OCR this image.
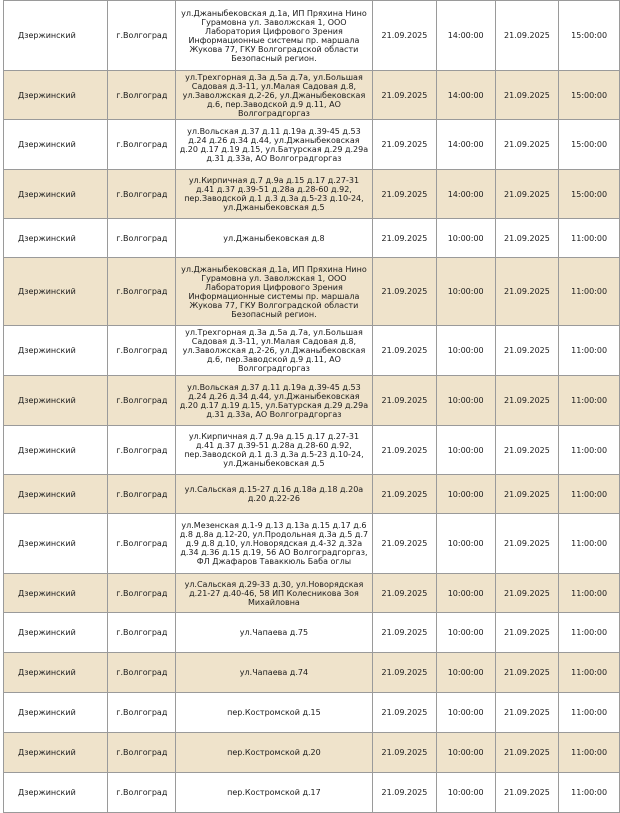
Дзержинский	г.Волгоград	ул.Джаныбековская д.1а, ИП Пряхина Нино Гурамовна ул. Заволжская 1, ООО Лаборатория Цифрового Зрения Информационные системы пр. маршала Жукова 77, ГКУ Волгоградской области Безопасный регион.	21.09.2025	14:00:00	21.09.2025	15:00:00
Дзержинский	г.Волгоград	ул.Трехгорная д.3а д.5а д.7а, ул.Большая Садовая д.3-11, ул.Малая Садовая д.8, ул.Заволжская д.2-26, ул.Джаныбековская д.6, пер.Заводской д.9 д.11, АО Волгоградгоргаз	21.09.2025	14:00:00	21.09.2025	15:00:00
Дзержинский	г.Волгоград	ул.Вольская д.37 д.11 д.19а д.39-45 д.53 д.24 д.26 д.34 д.44, ул.Джаныбековская д.20 д.17 д.19 д.15, ул.Батурская д.29 д.29а д.31 д.33а, АО Волгоградгоргаз	21.09.2025	14:00:00	21.09.2025	15:00:00
Дзержинский	г.Волгоград	ул.Кирпичная д.7 д.9а д.15 д.17 д.27-31 д.41 д.37 д.39-51 д.28а д.28-60 д.92, пер.Заводской д.1 д.3 д.3а д.5-23 д.10-24, ул.Джаныбековская д.5	21.09.2025	14:00:00	21.09.2025	15:00:00
Дзержинский	г.Волгоград	ул.Джаныбековская д.8	21.09.2025	10:00:00	21.09.2025	11:00:00
Дзержинский	г.Волгоград	ул.Джаныбековская д.1а, ИП Пряхина Нино Гурамовна ул. Заволжская 1, ООО Лаборатория Цифрового Зрения Информационные системы пр. маршала Жукова 77, ГКУ Волгоградской области Безопасный регион.	21.09.2025	10:00:00	21.09.2025	11:00:00
Дзержинский	г.Волгоград	ул.Трехгорная д.3а д.5а д.7а, ул.Большая Садовая д.3-11, ул.Малая Садовая д.8, ул.Заволжская д.2-26, ул.Джаныбековская д.6, пер.Заводской д.9 д.11, АО Волгоградгоргаз	21.09.2025	10:00:00	21.09.2025	11:00:00
Дзержинский	г.Волгоград	ул.Вольская д.37 д.11 д.19а д.39-45 д.53 д.24 д.26 д.34 д.44, ул.Джаныбековская д.20 д.17 д.19 д.15, ул.Батурская д.29 д.29а д.31 д.33а, АО Волгоградгоргаз	21.09.2025	10:00:00	21.09.2025	11:00:00
Дзержинский	г.Волгоград	ул.Кирпичная д.7 д.9а д.15 д.17 д.27-31 д.41 д.37 д.39-51 д.28а д.28-60 д.92, пер.Заводской д.1 д.3 д.3а д.5-23 д.10-24, ул.Джаныбековская д.5	21.09.2025	10:00:00	21.09.2025	11:00:00
Дзержинский	г.Волгоград	ул.Сальская д.15-27 д.16 д.18а д.18 д.20а д.20 д.22-26	21.09.2025	10:00:00	21.09.2025	11:00:00
Дзержинский	г.Волгоград	ул.Мезенская д.1-9 д.13 д.13а д.15 д.17 д.6 д.8 д.8а д.12-20, ул.Продольная д.3а д.5 д.7 д.9 д.8 д.10, ул.Новорядская д.4-32 д.32а д.34 д.36 д.15 д.19, 56 АО Волгоградгоргаз, ФЛ Джафаров Таваккюль Баба оглы	21.09.2025	10:00:00	21.09.2025	11:00:00
Дзержинский	г.Волгоград	ул.Сальская д.29-33 д.30, ул.Новорядская д.21-27 д.40-46, 58 ИП Колесникова Зоя Михайловна	21.09.2025	10:00:00	21.09.2025	11:00:00
Дзержинский	г.Волгоград	ул.Чапаева д.75	21.09.2025	10:00:00	21.09.2025	11:00:00
Дзержинский	г.Волгоград	ул.Чапаева д.74	21.09.2025	10:00:00	21.09.2025	11:00:00
Дзержинский	г.Волгоград	пер.Костромской д.15	21.09.2025	10:00:00	21.09.2025	11:00:00
Дзержинский	г.Волгоград	пер.Костромской д.20	21.09.2025	10:00:00	21.09.2025	11:00:00
Дзержинский	г.Волгоград	пер.Костромской д.17	21.09.2025	10:00:00	21.09.2025	11:00:00
